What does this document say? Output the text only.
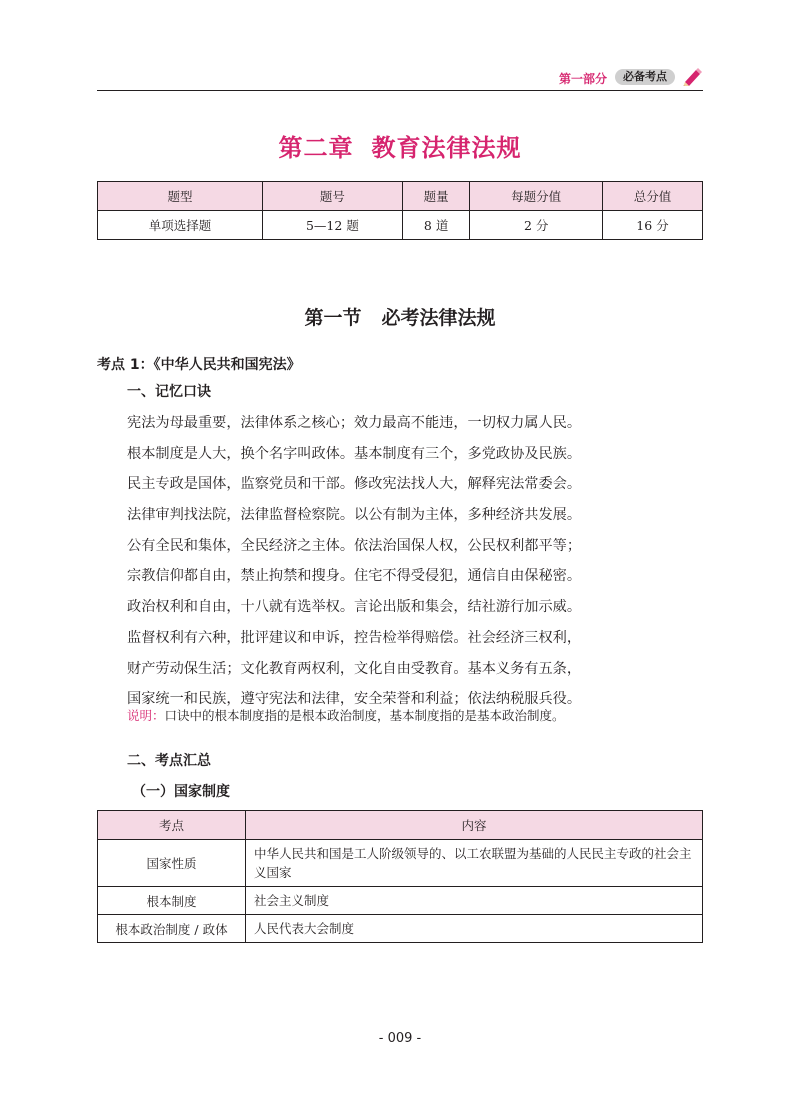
第一部分	必备考点
第二章 教育法律法规
题型	题号	题量	每题分值	总分值
单项选择题	5—12 题	8 道	2 分	16 分
第一节 必考法律法规
考点 1：《中华人民共和国宪法》
一、记忆口诀
宪法为母最重要，法律体系之核心；效力最高不能违，一切权力属人民。
根本制度是人大，换个名字叫政体。基本制度有三个，多党政协及民族。
民主专政是国体，监察党员和干部。修改宪法找人大，解释宪法常委会。
法律审判找法院，法律监督检察院。以公有制为主体，多种经济共发展。
公有全民和集体，全民经济之主体。依法治国保人权，公民权利都平等；
宗教信仰都自由，禁止拘禁和搜身。住宅不得受侵犯，通信自由保秘密。
政治权利和自由，十八就有选举权。言论出版和集会，结社游行加示威。
监督权利有六种，批评建议和申诉，控告检举得赔偿。社会经济三权利，
财产劳动保生活；文化教育两权利，文化自由受教育。基本义务有五条，
国家统一和民族，遵守宪法和法律，安全荣誉和利益；依法纳税服兵役。
说明：口诀中的根本制度指的是根本政治制度，基本制度指的是基本政治制度。
二、考点汇总
（一）国家制度
考点	内容
国家性质	中华人民共和国是工人阶级领导的、以工农联盟为基础的人民民主专政的社会主义国家
根本制度	社会主义制度
根本政治制度 / 政体	人民代表大会制度
- 009 -
